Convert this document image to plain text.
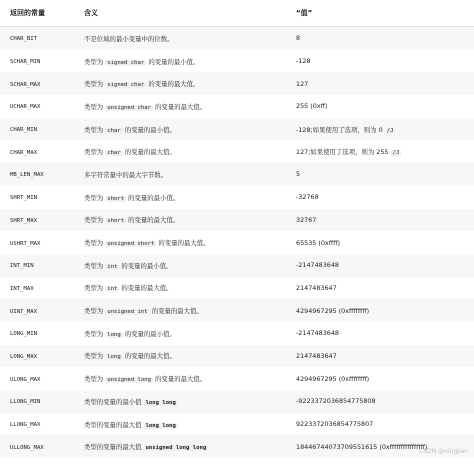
返回的常量	含义	“值”
CHAR_BIT	不是位域的最小变量中的位数。	8
SCHAR_MIN	类型为 signed char 的变量的最小值。	-128
SCHAR_MAX	类型为 signed char 的变量的最大值。	127
UCHAR_MAX	类型为 unsigned char 的变量的最大值。	255 (0xff)
CHAR_MIN	类型为 char 的变量的最小值。	-128;如果使用了选项，则为 0 /J
CHAR_MAX	类型为 char 的变量的最大值。	127;如果使用了选项，则为 255 /J
MB_LEN_MAX	多字符常量中的最大字节数。	5
SHRT_MIN	类型为 short 的变量的最小值。	-32768
SHRT_MAX	类型为 short 的变量的最大值。	32767
USHRT_MAX	类型为 unsigned short 的变量的最大值。	65535 (0xffff)
INT_MIN	类型为 int 的变量的最小值。	-2147483648
INT_MAX	类型为 int 的变量的最大值。	2147483647
UINT_MAX	类型为 unsigned int 的变量的最大值。	4294967295 (0xffffffff)
LONG_MIN	类型为 long 的变量的最小值。	-2147483648
LONG_MAX	类型为 long 的变量的最大值。	2147483647
ULONG_MAX	类型为 unsigned long 的变量的最大值。	4294967295 (0xffffffff)
LLONG_MIN	类型的变量的最小值 long long	-9223372036854775808
LLONG_MAX	类型的变量的最大值 long long	9223372036854775807
ULLONG_MAX	类型的变量的最大值 unsigned long long	18446744073709551615 (0xffffffffffffffff)
CSDN @ningjian
